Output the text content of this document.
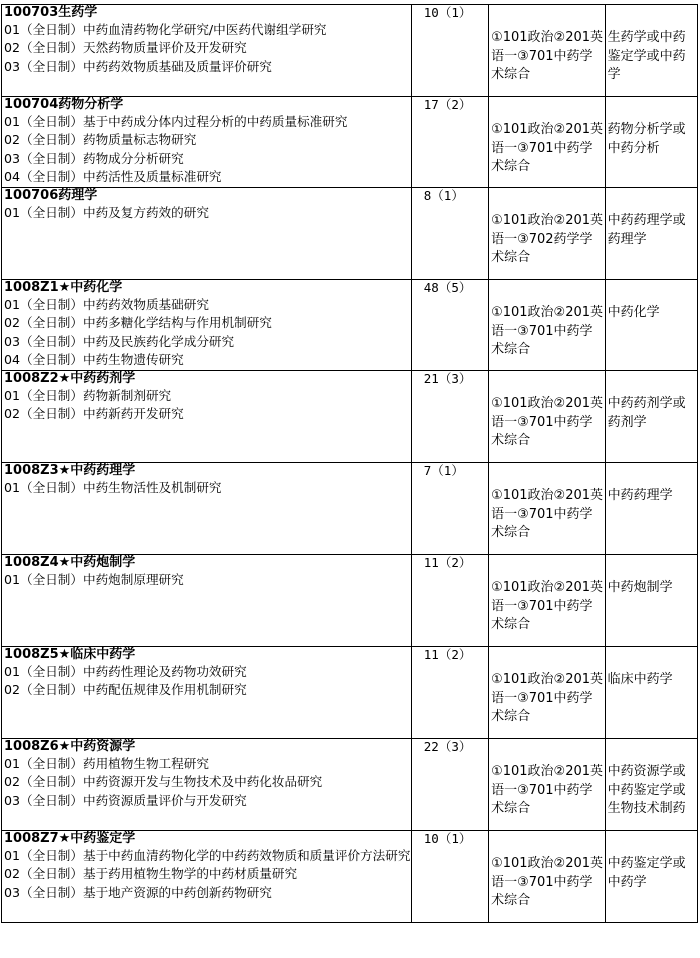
100703生药学
01（全日制）中药血清药物化学研究/中医药代谢组学研究
02（全日制）天然药物质量评价及开发研究
03（全日制）中药药效物质基础及质量评价研究	10（1）	①101政治②201英语一③701中药学术综合	生药学或中药鉴定学或中药学

100704药物分析学
01（全日制）基于中药成分体内过程分析的中药质量标准研究
02（全日制）药物质量标志物研究
03（全日制）药物成分分析研究
04（全日制）中药活性及质量标准研究	17（2）	①101政治②201英语一③701中药学术综合	药物分析学或中药分析

100706药理学
01（全日制）中药及复方药效的研究	8（1）	①101政治②201英语一③702药学学术综合	中药药理学或药理学

1008Z1★中药化学
01（全日制）中药药效物质基础研究
02（全日制）中药多糖化学结构与作用机制研究
03（全日制）中药及民族药化学成分研究
04（全日制）中药生物遗传研究	48（5）	①101政治②201英语一③701中药学术综合	中药化学

1008Z2★中药药剂学
01（全日制）药物新制剂研究
02（全日制）中药新药开发研究	21（3）	①101政治②201英语一③701中药学术综合	中药药剂学或药剂学

1008Z3★中药药理学
01（全日制）中药生物活性及机制研究	7（1）	①101政治②201英语一③701中药学术综合	中药药理学

1008Z4★中药炮制学
01（全日制）中药炮制原理研究	11（2）	①101政治②201英语一③701中药学术综合	中药炮制学

1008Z5★临床中药学
01（全日制）中药药性理论及药物功效研究
02（全日制）中药配伍规律及作用机制研究	11（2）	①101政治②201英语一③701中药学术综合	临床中药学

1008Z6★中药资源学
01（全日制）药用植物生物工程研究
02（全日制）中药资源开发与生物技术及中药化妆品研究
03（全日制）中药资源质量评价与开发研究	22（3）	①101政治②201英语一③701中药学术综合	中药资源学或中药鉴定学或生物技术制药

1008Z7★中药鉴定学
01（全日制）基于中药血清药物化学的中药药效物质和质量评价方法研究
02（全日制）基于药用植物生物学的中药材质量研究
03（全日制）基于地产资源的中药创新药物研究	10（1）	①101政治②201英语一③701中药学术综合	中药鉴定学或中药学
